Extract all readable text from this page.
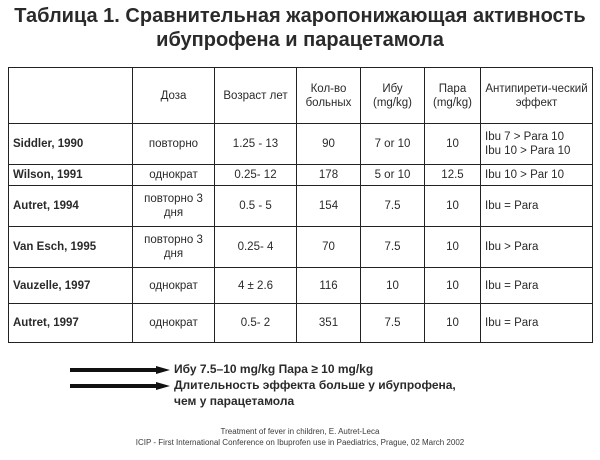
Таблица 1. Сравнительная жаропонижающая активность
ибупрофена и парацетамола
	Доза	Возраст лет	Кол-во больных	Ибу (mg/kg)	Пара (mg/kg)	Антипирети-ческий эффект
Siddler, 1990	повторно	1.25 - 13	90	7 or 10	10	Ibu 7 > Para 10
Ibu 10 > Para 10

Wilson, 1991	однократ	0.25- 12	178	5 or 10	12.5	Ibu 10 > Par 10
Autret, 1994	повторно 3 дня	0.5 - 5	154	7.5	10	Ibu = Para
Van Esch, 1995	повторно 3 дня	0.25- 4	70	7.5	10	Ibu > Para
Vauzelle, 1997	однократ	4 ± 2.6	116	10	10	Ibu = Para
Autret, 1997	однократ	0.5- 2	351	7.5	10	Ibu = Para
Ибу 7.5–10 mg/kg Пара ≥ 10 mg/kg
Длительность эффекта больше у ибупрофена,
чем у парацетамола
Treatment of fever in children, E. Autret-Leca
ICIP - First International Conference on Ibuprofen use in Paediatrics, Prague, 02 March 2002
